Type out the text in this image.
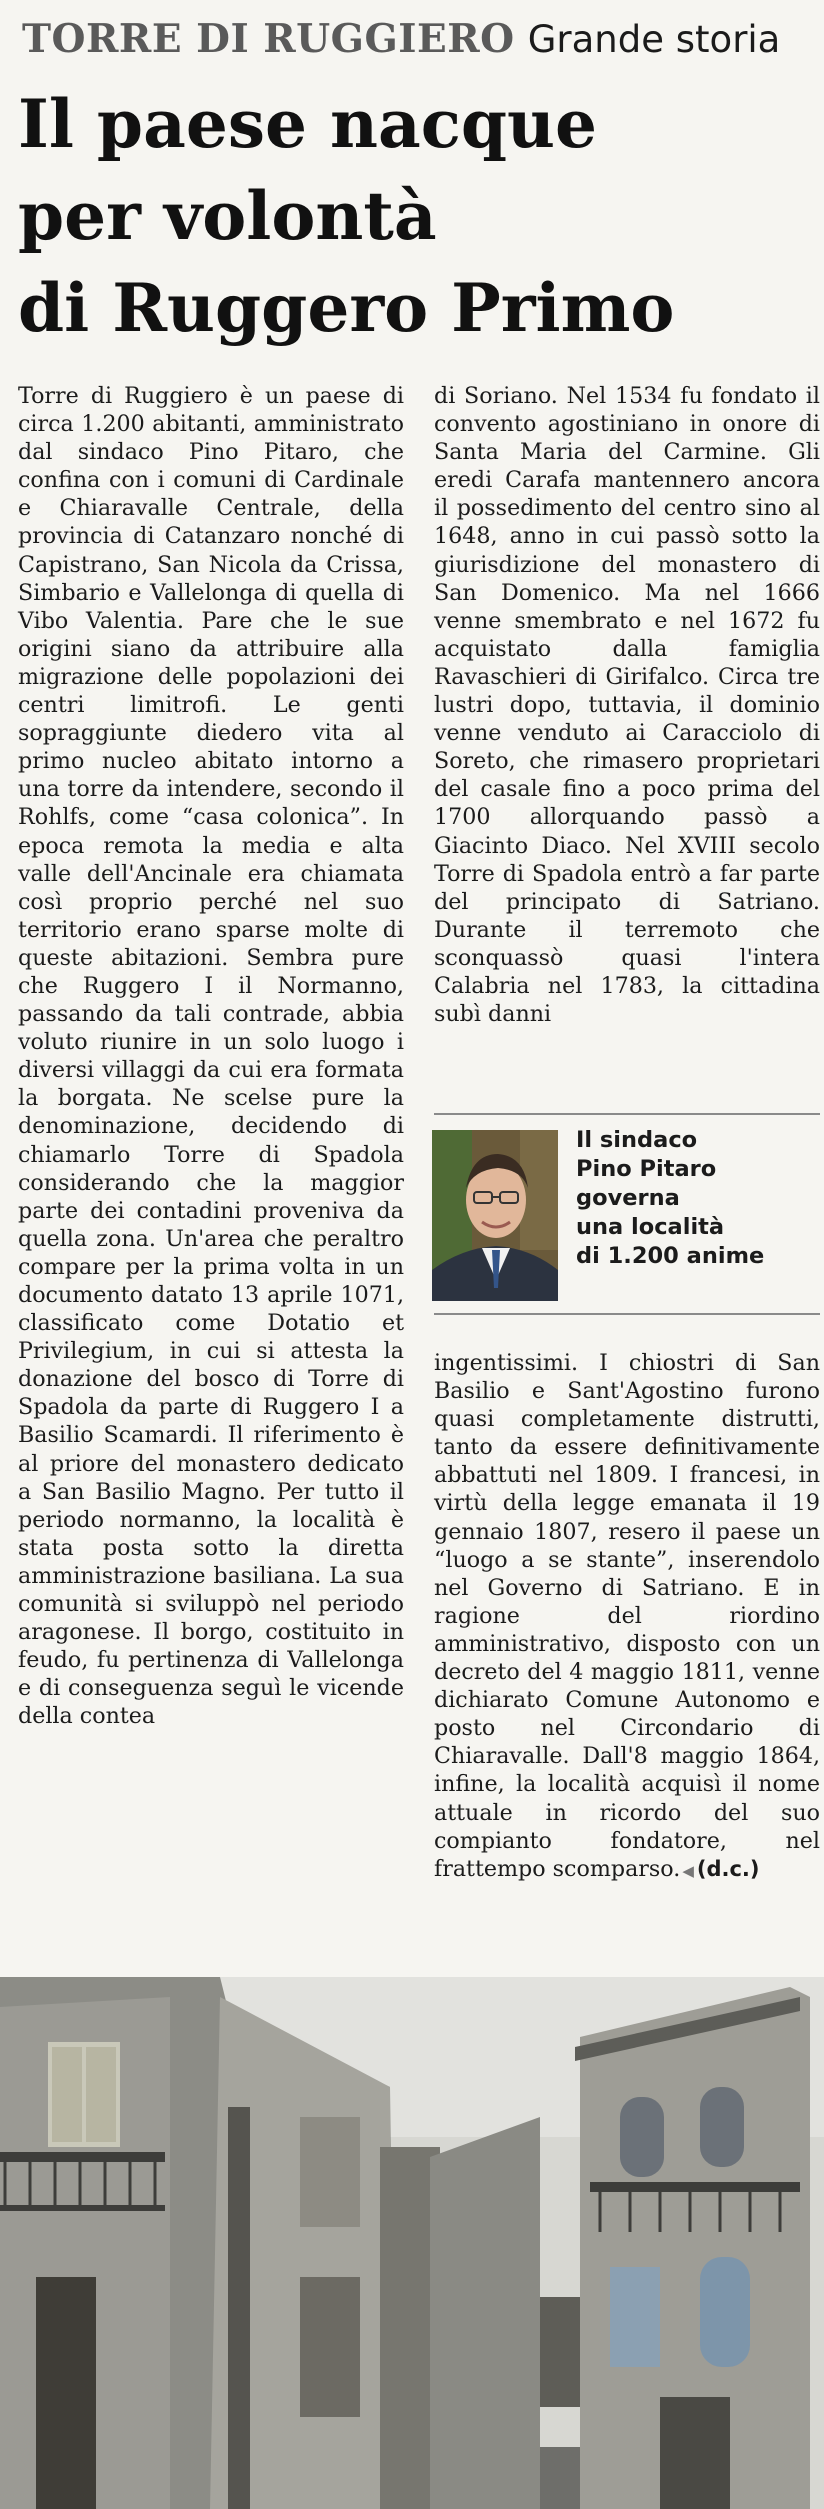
TORRE DI RUGGIERO Grande storia
Il paese nacque
per volontà
di Ruggero Primo

Torre di Ruggiero è un paese di circa 1.200 abitanti, amministrato dal sindaco Pino Pitaro, che confina con i comuni di Cardinale e Chiaravalle Centrale, della provincia di Catanzaro nonché di Capistrano, San Nicola da Crissa, Simbario e Vallelonga di quella di Vibo Valentia. Pare che le sue origini siano da attribuire alla migrazione delle popolazioni dei centri limitrofi. Le genti sopraggiunte diedero vita al primo nucleo abitato intorno a una torre da intendere, secondo il Rohlfs, come “casa colonica”. In epoca remota la media e alta valle dell'Ancinale era chiamata così proprio perché nel suo territorio erano sparse molte di queste abitazioni. Sembra pure che Ruggero I il Normanno, passando da tali contrade, abbia voluto riunire in un solo luogo i diversi villaggi da cui era formata la borgata. Ne scelse pure la denominazione, decidendo di chiamarlo Torre di Spadola considerando che la maggior parte dei contadini proveniva da quella zona. Un'area che peraltro compare per la prima volta in un documento datato 13 aprile 1071, classificato come Dotatio et Privilegium, in cui si attesta la donazione del bosco di Torre di Spadola da parte di Ruggero I a Basilio Scamardi. Il riferimento è al priore del monastero dedicato a San Basilio Magno. Per tutto il periodo normanno, la località è stata posta sotto la diretta amministrazione basiliana. La sua comunità si sviluppò nel periodo aragonese. Il borgo, costituito in feudo, fu pertinenza di Vallelonga e di conseguenza seguì le vicende della contea

di Soriano. Nel 1534 fu fondato il convento agostiniano in onore di Santa Maria del Carmine. Gli eredi Carafa mantennero ancora il possedimento del centro sino al 1648, anno in cui passò sotto la giurisdizione del monastero di San Domenico. Ma nel 1666 venne smembrato e nel 1672 fu acquistato dalla famiglia Ravaschieri di Girifalco. Circa tre lustri dopo, tuttavia, il dominio venne venduto ai Caracciolo di Soreto, che rimasero proprietari del casale fino a poco prima del 1700 allorquando passò a Giacinto Diaco. Nel XVIII secolo Torre di Spadola entrò a far parte del principato di Satriano. Durante il terremoto che sconquassò quasi l'intera Calabria nel 1783, la cittadina subì danni

Il sindaco
Pino Pitaro
governa
una località
di 1.200 anime

ingentissimi. I chiostri di San Basilio e Sant'Agostino furono quasi completamente distrutti, tanto da essere definitivamente abbattuti nel 1809. I francesi, in virtù della legge emanata il 19 gennaio 1807, resero il paese un “luogo a se stante”, inserendolo nel Governo di Satriano. E in ragione del riordino amministrativo, disposto con un decreto del 4 maggio 1811, venne dichiarato Comune Autonomo e posto nel Circondario di Chiaravalle. Dall'8 maggio 1864, infine, la località acquisì il nome attuale in ricordo del suo compianto fondatore, nel frattempo scomparso. ◀ (d.c.)
